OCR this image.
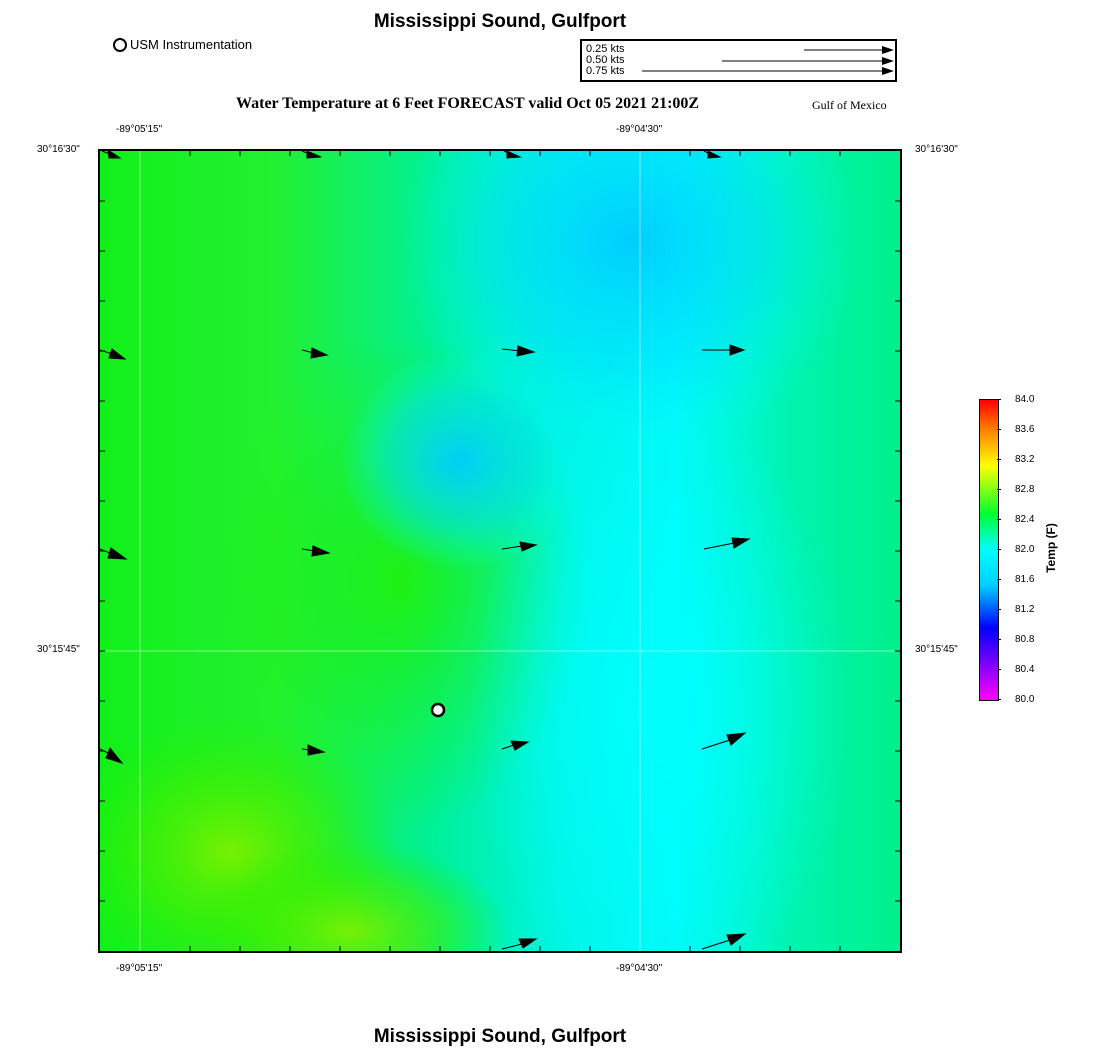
Mississippi Sound, Gulfport
USM Instrumentation	0.25 kts
0.50 kts
0.75 kts
Water Temperature at 6 Feet FORECAST valid Oct 05 2021 21:00Z	Gulf of Mexico
-89°05'15"	-89°04'30"
-89°05'15"	-89°04'30"
30°16'30"
30°15'45"
30°16'30"
30°15'45"
84.0
83.6
83.2
82.8
82.4
82.0
81.6
81.2
80.8
80.4
80.0
Temp (F)
Mississippi Sound, Gulfport
